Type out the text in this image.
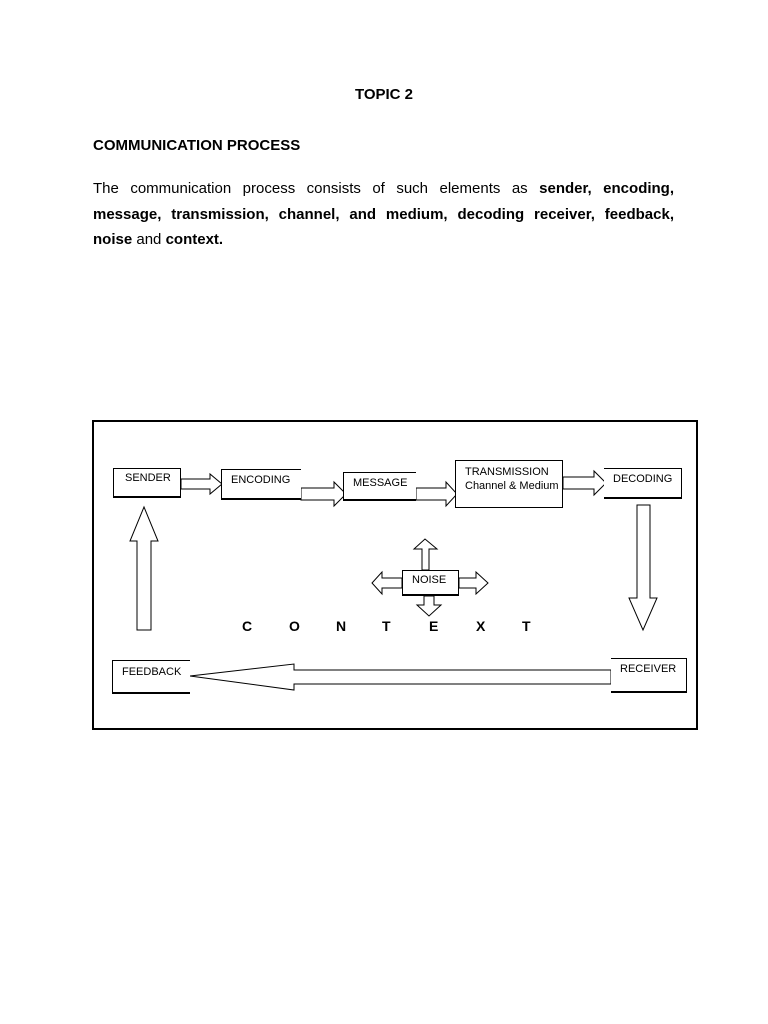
TOPIC 2
COMMUNICATION PROCESS

The communication process consists of such elements as sender, encoding, message, transmission, channel, and medium, decoding receiver, feedback, noise and context.

SENDER	ENCODING	MESSAGE
TRANSMISSION
Channel & Medium
DECODING
NOISE
FEEDBACK	RECEIVER
C	O	N	T	E	X	T
